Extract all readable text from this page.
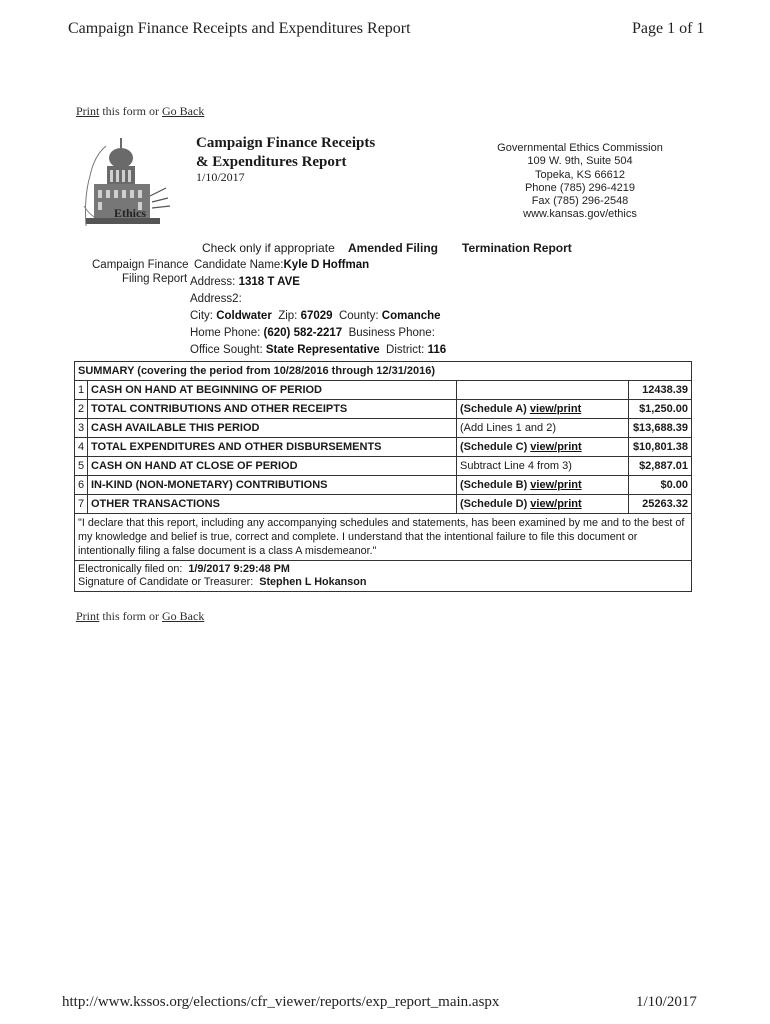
Campaign Finance Receipts and Expenditures Report	Page 1 of 1
Print this form or Go Back
Ethics
Campaign Finance Receipts
& Expenditures Report
1/10/2017
Governmental Ethics Commission
109 W. 9th, Suite 504
Topeka, KS 66612
Phone (785) 296-4219
Fax (785) 296-2548
www.kansas.gov/ethics
Check only if appropriate Amended Filing Termination Report
Campaign Finance
Filing Report
Candidate Name:Kyle D Hoffman
Address: 1318 T AVE
Address2:
City: Coldwater Zip: 67029 County: Comanche
Home Phone: (620) 582-2217 Business Phone:
Office Sought: State Representative District: 116
SUMMARY (covering the period from 10/28/2016 through 12/31/2016)			
1	CASH ON HAND AT BEGINNING OF PERIOD		12438.39
2	TOTAL CONTRIBUTIONS AND OTHER RECEIPTS	(Schedule A) view/print	$1,250.00
3	CASH AVAILABLE THIS PERIOD	(Add Lines 1 and 2)	$13,688.39
4	TOTAL EXPENDITURES AND OTHER DISBURSEMENTS	(Schedule C) view/print	$10,801.38
5	CASH ON HAND AT CLOSE OF PERIOD	Subtract Line 4 from 3)	$2,887.01
6	IN-KIND (NON-MONETARY) CONTRIBUTIONS	(Schedule B) view/print	$0.00
7	OTHER TRANSACTIONS	(Schedule D) view/print	25263.32
"I declare that this report, including any accompanying schedules and statements, has been examined by me and to the best of my knowledge and belief is true, correct and complete. I understand that the intentional failure to file this document or intentionally filing a false document is a class A misdemeanor."			

Electronically filed on: 1/9/2017 9:29:48 PM
Signature of Candidate or Treasurer: Stephen L Hokanson			
Print this form or Go Back
http://www.kssos.org/elections/cfr_viewer/reports/exp_report_main.aspx	1/10/2017
